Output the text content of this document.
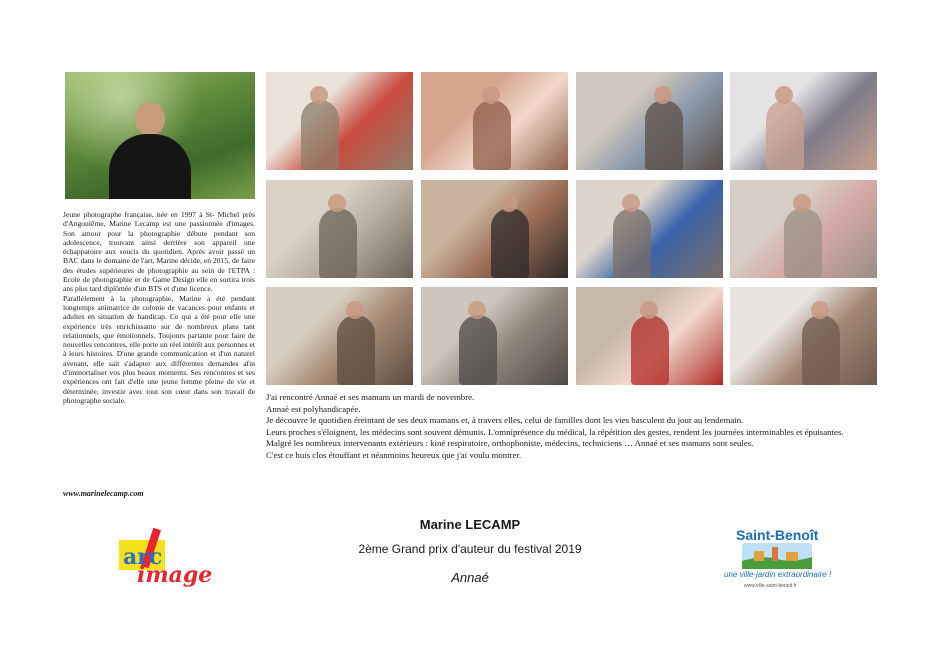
Jeune photographe française, née en 1997 à St- Michel près d'Angoulême, Marine Lecamp est une passionnée d'images. Son amour pour la photographie débute pendant son adolescence, trouvant ainsi derrière son appareil une échappatoire aux soucis du quotidien. Après avoir passé un BAC dans le domaine de l'art, Marine décide, en 2015, de faire des études supérieures de photographie au sein de l'ETPA : Ecole de photographie et de Game Design elle en sortira trois ans plus tard diplômée d'un BTS et d'une licence.

Parallèlement à la photographie, Marine a été pendant longtemps animatrice de colonie de vacances pour enfants et adultes en situation de handicap. Ce qui a été pour elle une expérience très enrichissante sur de nombreux plans tant relationnels, que émotionnels. Toujours partante pour faire de nouvelles rencontres, elle porte un réel intérêt aux personnes et à leurs histoires. D'une grande communication et d'un naturel avenant, elle sait s'adapter aux différentes demandes afin d'immortaliser vos plus beaux moments. Ses rencontres et ses expériences ont fait d'elle une jeune femme pleine de vie et déterminée, investie avec tout son cœur dans son travail de photographe sociale.

www.marinelecamp.com

J'ai rencontré Annaé et ses mamans un mardi de novembre.

Annaé est polyhandicapée.

Je découvre le quotidien éreintant de ses deux mamans et, à travers elles, celui de familles dont les vies basculent du jour au lendemain.

Leurs proches s'éloignent, les médecins sont souvent démunis. L'omniprésence du médical, la répétition des gestes, rendent les journées interminables et épuisantes.

Malgré les nombreux intervenants extérieurs : kiné respiratoire, orthophoniste, médecins, techniciens … Annaé et ses mamans sont seules.

C'est ce huis clos étouffant et néanmoins heureux que j'ai voulu montrer.

Marine LECAMP
2ème Grand prix d'auteur du festival 2019
Annaé
arc
image
Saint-Benoît
une ville-jardin extraordinaire !
www.ville-saint-benoit.fr
